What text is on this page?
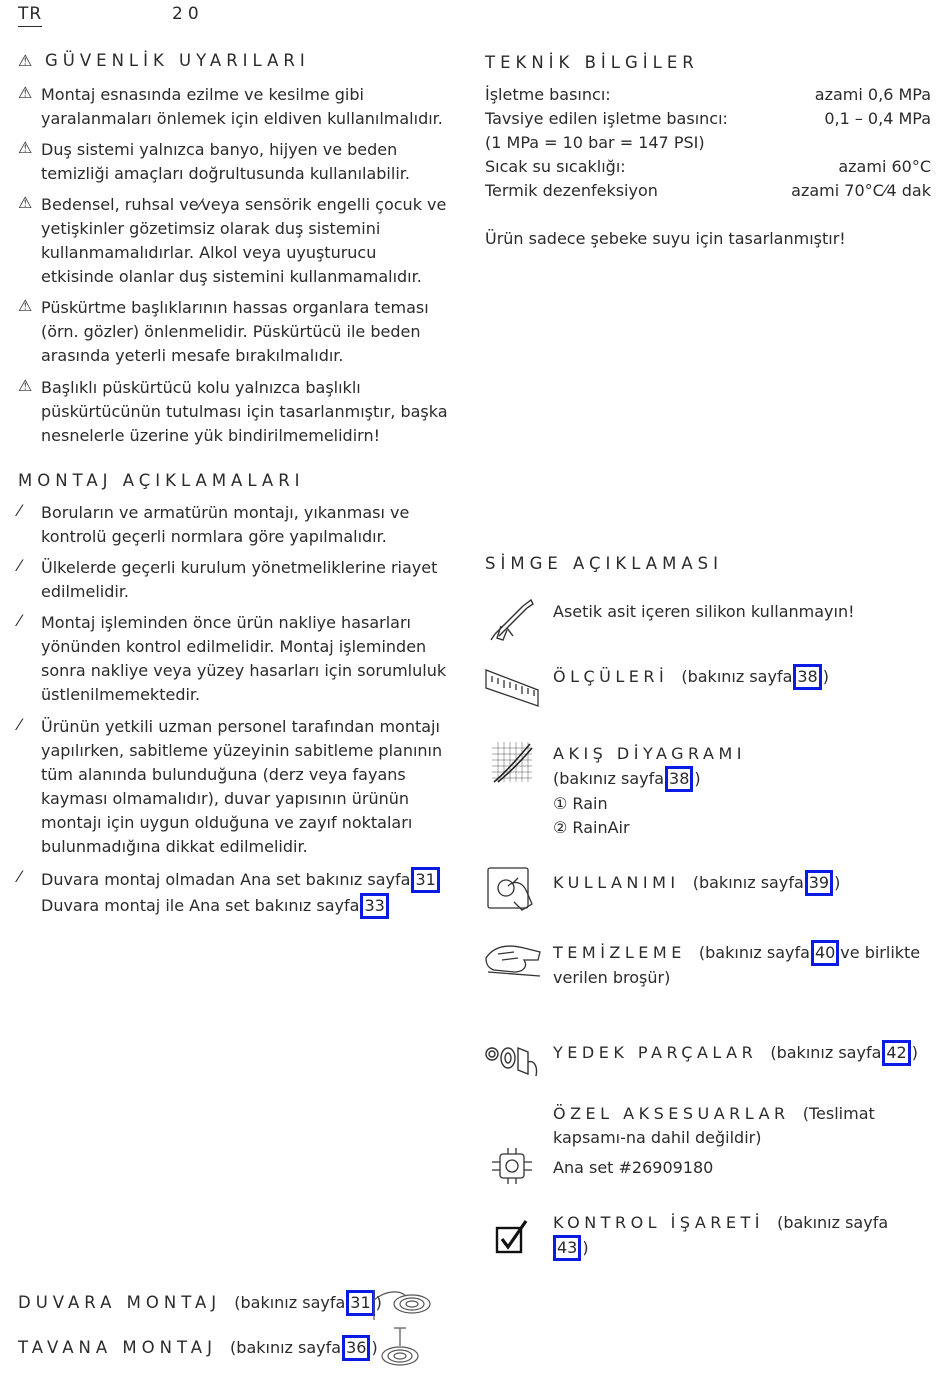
TR	20
⚠ GÜVENLİK UYARILARI
⚠ Montaj esnasında ezilme ve kesilme gibi yaralanmaları önlemek için eldiven kullanılmalıdır.
⚠ Duş sistemi yalnızca banyo, hijyen ve beden temizliği amaçları doğrultusunda kullanılabilir.
⚠ Bedensel, ruhsal ve⁄veya sensörik engelli çocuk ve yetişkinler gözetimsiz olarak duş sistemini kullanmamalıdırlar. Alkol veya uyuşturucu etkisinde olanlar duş sistemini kullanmamalıdır.
⚠ Püskürtme başlıklarının hassas organlara teması (örn. gözler) önlenmelidir. Püskürtücü ile beden arasında yeterli mesafe bırakılmalıdır.
⚠ Başlıklı püskürtücü kolu yalnızca başlıklı püskürtücünün tutulması için tasarlanmıştır, başka nesnelerle üzerine yük bindirilmemelidirn!
MONTAJ AÇIKLAMALARI
⁄ Boruların ve armatürün montajı, yıkanması ve kontrolü geçerli normlara göre yapılmalıdır.
⁄ Ülkelerde geçerli kurulum yönetmeliklerine riayet edilmelidir.
⁄ Montaj işleminden önce ürün nakliye hasarları yönünden kontrol edilmelidir. Montaj işleminden sonra nakliye veya yüzey hasarları için sorumluluk üstlenilmemektedir.
⁄ Ürünün yetkili uzman personel tarafından montajı yapılırken, sabitleme yüzeyinin sabitleme planının tüm alanında bulunduğuna (derz veya fayans kayması olmamalıdır), duvar yapısının ürünün montajı için uygun olduğuna ve zayıf noktaları bulunmadığına dikkat edilmelidir.
⁄ Duvara montaj olmadan Ana set bakınız sayfa 31
Duvara montaj ile Ana set bakınız sayfa 33
TEKNİK BİLGİLER
İşletme basıncı:	azami 0,6 MPa
Tavsiye edilen işletme basıncı:	0,1 – 0,4 MPa
(1 MPa = 10 bar = 147 PSI)
Sıcak su sıcaklığı:	azami 60°C
Termik dezenfeksiyon	azami 70°C⁄4 dak
Ürün sadece şebeke suyu için tasarlanmıştır!
SİMGE AÇIKLAMASI
Asetik asit içeren silikon kullanmayın!
ÖLÇÜLERİ (bakınız sayfa 38 )
AKIŞ DİYAGRAMI
(bakınız sayfa 38 )
① Rain
② RainAir
KULLANIMI (bakınız sayfa 39 )
TEMİZLEME (bakınız sayfa 40 ve birlikte verilen broşür)
YEDEK PARÇALAR (bakınız sayfa 42 )
ÖZEL AKSESUARLAR (Teslimat kapsamı-na dahil değildir)
Ana set #26909180
KONTROL İŞARETİ (bakınız sayfa
43 )
DUVARA MONTAJ (bakınız sayfa 31 )
TAVANA MONTAJ (bakınız sayfa 36 )
